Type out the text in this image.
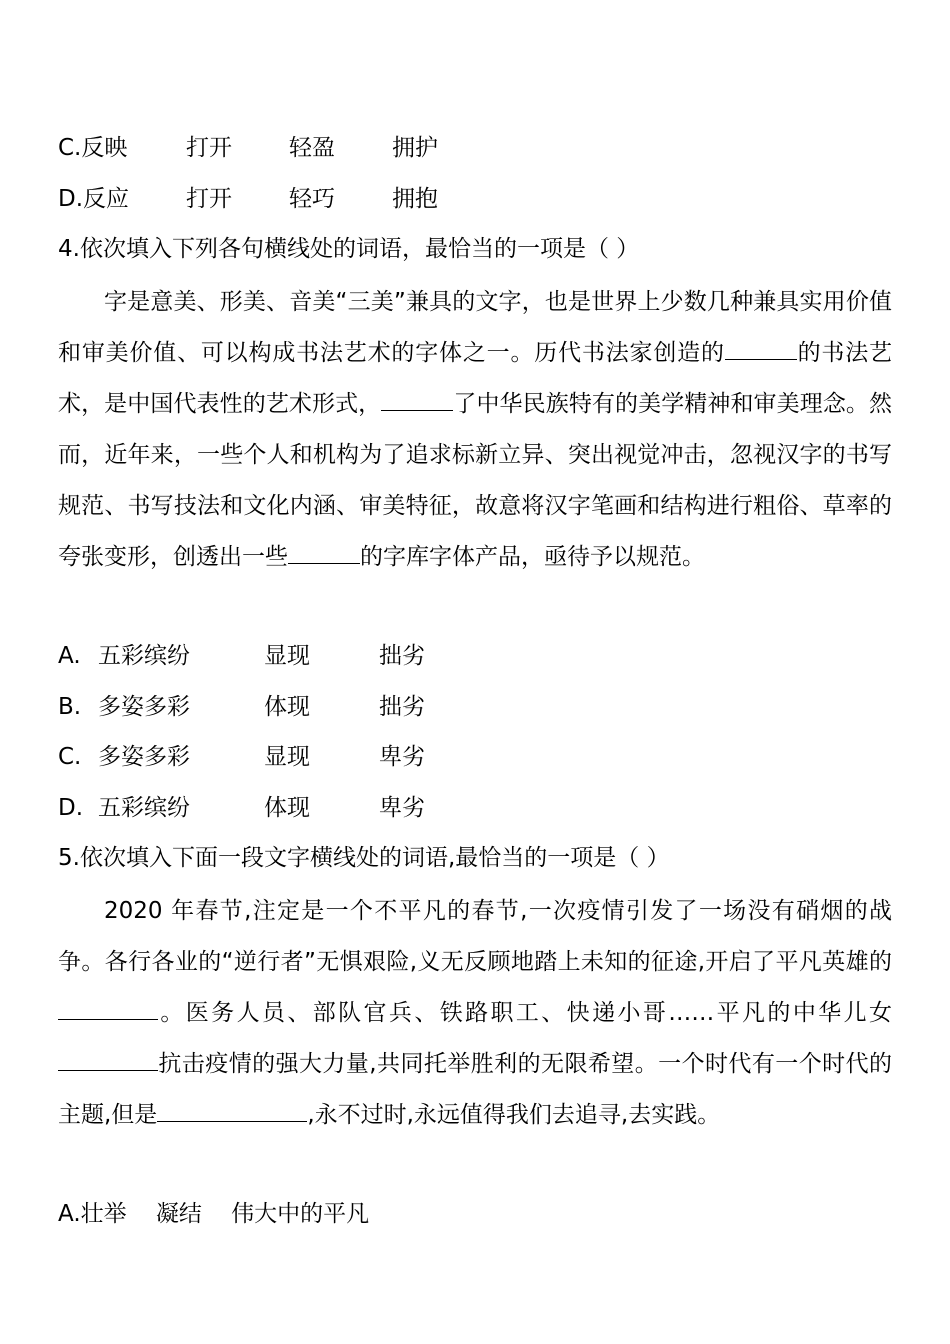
C.反映	打开 轻盈 拥护
D.反应 打开 轻巧 拥抱
4.依次填入下列各句横线处的词语，最恰当的一项是（ ）
字是意美、形美、音美“三美”兼具的文字，也是世界上少数几种兼具实用价值和审美价值、可以构成书法艺术的字体之一。历代书法家创造的	的书法艺术，是中国代表性的艺术形式，	了中华民族特有的美学精神和审美理念。然而，近年来，一些个人和机构为了追求标新立异、突出视觉冲击，忽视汉字的书写规范、书写技法和文化内涵、审美特征，故意将汉字笔画和结构进行粗俗、草率的夸张变形，创透出一些	的字库字体产品，亟待予以规范。
A. 五彩缤纷	显现	拙劣
B. 多姿多彩	体现	拙劣
C. 多姿多彩	显现	卑劣
D. 五彩缤纷	体现	卑劣
5.依次填入下面一段文字横线处的词语,最恰当的一项是（ ）
2020 年春节,注定是一个不平凡的春节,一次疫情引发了一场没有硝烟的战争。各行各业的“逆行者”无惧艰险,义无反顾地踏上未知的征途,开启了平凡英雄的。医务人员、部队官兵、铁路职工、快递小哥……平凡的中华儿女抗击疫情的强大力量,共同托举胜利的无限希望。一个时代有一个时代的主题,但是	,永不过时,永远值得我们去追寻,去实践。
A.壮举    凝结    伟大中的平凡
